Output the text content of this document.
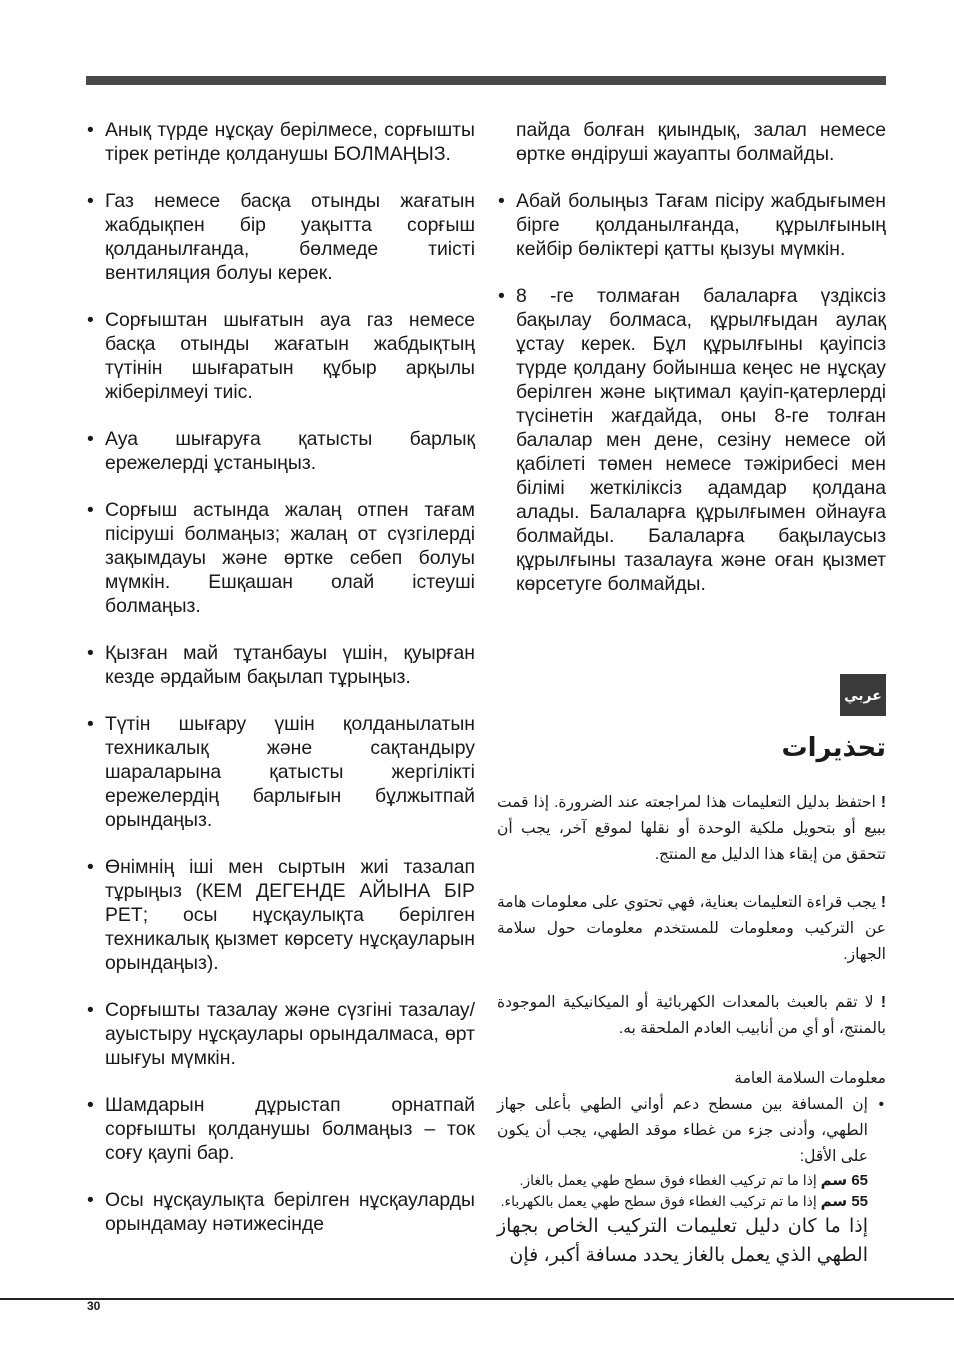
• Анық түрде нұсқау берілмесе, сорғышты тірек ретінде қолданушы БОЛМАҢЫЗ.
• Газ немесе басқа отынды жағатын жабдықпен бір уақытта сорғыш қолданылғанда, бөлмеде тиісті вентиляция болуы керек.
• Сорғыштан шығатын ауа газ немесе басқа отынды жағатын жабдықтың түтінін шығаратын құбыр арқылы жіберілмеуі тиіс.
• Ауа шығаруға қатысты барлық ережелерді ұстаныңыз.
• Сорғыш астында жалаң отпен тағам пісіруші болмаңыз; жалаң от сүзгілерді зақымдауы және өртке себеп болуы мүмкін. Ешқашан олай істеуші болмаңыз.
• Қызған май тұтанбауы үшін, қуырған кезде әрдайым бақылап тұрыңыз.
• Түтін шығару үшін қолданылатын техникалық және сақтандыру шараларына қатысты жергілікті ережелердің барлығын бұлжытпай орындаңыз.
• Өнімнің іші мен сыртын жиі тазалап тұрыңыз (КЕМ ДЕГЕНДЕ АЙЫНА БІР РЕТ; осы нұсқаулықта берілген техникалық қызмет көрсету нұсқауларын орындаңыз).
• Сорғышты тазалау және сүзгіні тазалау/ауыстыру нұсқаулары орындалмаса, өрт шығуы мүмкін.
• Шамдарын дұрыстап орнатпай сорғышты қолданушы болмаңыз – ток соғу қаупі бар.
• Осы нұсқаулықта берілген нұсқауларды орындамау нәтижесінде

пайда болған қиындық, залал немесе өртке өндіруші жауапты болмайды.

• Абай болыңыз Тағам пісіру жабдығымен бірге қолданылғанда, құрылғының кейбір бөліктері қатты қызуы мүмкін.
• 8 -ге толмаған балаларға үздіксіз бақылау болмаса, құрылғыдан аулақ ұстау керек. Бұл құрылғыны қауіпсіз түрде қолдану бойынша кеңес не нұсқау берілген және ықтимал қауіп-қатерлерді түсінетін жағдайда, оны 8-ге толған балалар мен дене, сезіну немесе ой қабілеті төмен немесе тәжірибесі мен білімі жеткіліксіз адамдар қолдана алады. Балаларға құрылғымен ойнауға болмайды. Балаларға бақылаусыз құрылғыны тазалауға және оған қызмет көрсетуге болмайды.
عربي
تحذيرات
! احتفظ بدليل التعليمات هذا لمراجعته عند الضرورة. إذا قمت ببيع أو بتحويل ملكية الوحدة أو نقلها لموقع آخر، يجب أن تتحقق من إبقاء هذا الدليل مع المنتج.
! يجب قراءة التعليمات بعناية، فهي تحتوي على معلومات هامة عن التركيب ومعلومات للمستخدم معلومات حول سلامة الجهاز.
! لا تقم بالعبث بالمعدات الكهربائية أو الميكانيكية الموجودة بالمنتج، أو أي من أنابيب العادم الملحقة به.
معلومات السلامة العامة
• إن المسافة بين مسطح دعم أواني الطهي بأعلى جهاز الطهي، وأدنى جزء من غطاء موقد الطهي، يجب أن يكون على الأقل:
65 سم إذا ما تم تركيب الغطاء فوق سطح طهي يعمل بالغاز.
55 سم إذا ما تم تركيب الغطاء فوق سطح طهي يعمل بالكهرباء.
إذا ما كان دليل تعليمات التركيب الخاص بجهاز الطهي الذي يعمل بالغاز يحدد مسافة أكبر، فإن
30
